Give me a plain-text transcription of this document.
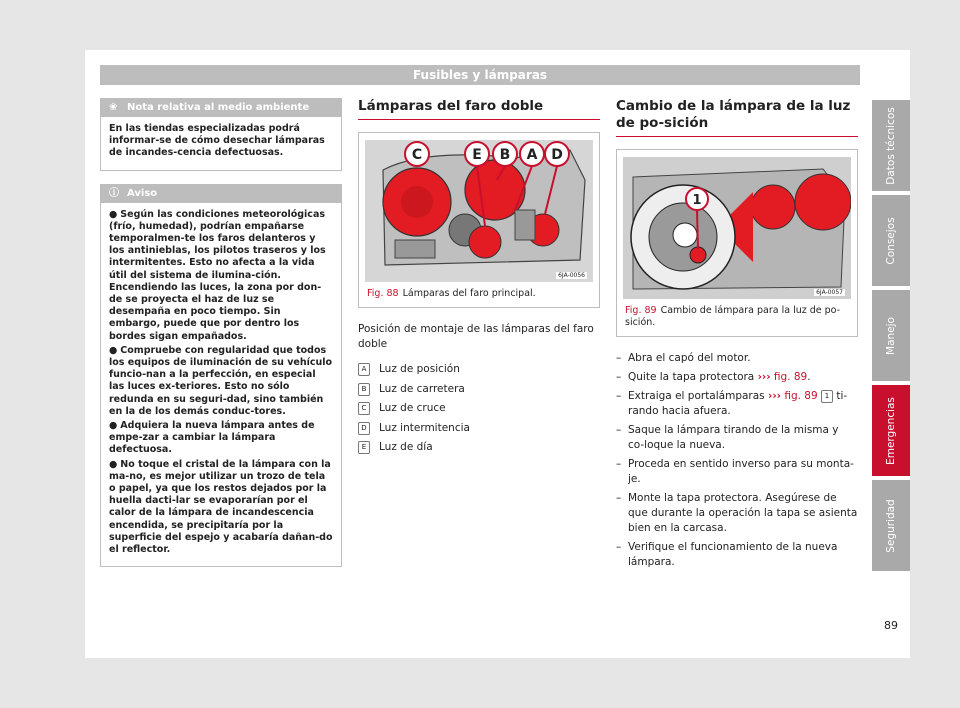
Fusibles y lámparas
❀ Nota relativa al medio ambiente

En las tiendas especializadas podrá informar-se de cómo desechar lámparas de incandes-cencia defectuosas.

ⓘ Aviso

● Según las condiciones meteorológicas (frío, humedad), podrían empañarse temporalmen-te los faros delanteros y los antinieblas, los pilotos traseros y los intermitentes. Esto no afecta a la vida útil del sistema de ilumina-ción. Encendiendo las luces, la zona por don-de se proyecta el haz de luz se desempaña en poco tiempo. Sin embargo, puede que por dentro los bordes sigan empañados.

● Compruebe con regularidad que todos los equipos de iluminación de su vehículo funcio-nan a la perfección, en especial las luces ex-teriores. Esto no sólo redunda en su seguri-dad, sino también en la de los demás conduc-tores.

● Adquiera la nueva lámpara antes de empe-zar a cambiar la lámpara defectuosa.

● No toque el cristal de la lámpara con la ma-no, es mejor utilizar un trozo de tela o papel, ya que los restos dejados por la huella dacti-lar se evaporarían por el calor de la lámpara de incandescencia encendida, se precipitaría por la superficie del espejo y acabaría dañan-do el reflector.

Lámparas del faro doble
C	E B A D
6JA-0056
Fig. 88 Lámparas del faro principal.
Posición de montaje de las lámparas del faro doble
A	Luz de posición
B	Luz de carretera
C	Luz de cruce
D	Luz intermitencia
E	Luz de día
Cambio de la lámpara de la luz de po-sición
1
6JA-0057
Fig. 89 Cambio de lámpara para la luz de po-sición.
– Abra el capó del motor.
– Quite la tapa protectora ››› fig. 89.
– Extraiga el portalámparas ››› fig. 89 1 ti-rando hacia afuera.
– Saque la lámpara tirando de la misma y co-loque la nueva.
– Proceda en sentido inverso para su monta-je.
– Monte la tapa protectora. Asegúrese de que durante la operación la tapa se asienta bien en la carcasa.
– Verifique el funcionamiento de la nueva lámpara.
Datos técnicos
Consejos
Manejo
Emergencias
Seguridad
89
